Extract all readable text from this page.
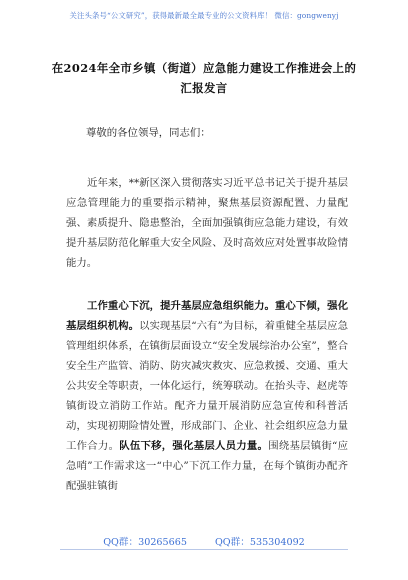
关注头条号“公文研究”，获得最新最全最专业的公文资料库！ 微信：gongwenyj
在2024年全市乡镇（街道）应急能力建设工作推进会上的
汇报发言
尊敬的各位领导，同志们：

近年来，**新区深入贯彻落实习近平总书记关于提升基层应急管理能力的重要指示精神，聚焦基层资源配置、力量配强、素质提升、隐患整治，全面加强镇街应急能力建设，有效提升基层防范化解重大安全风险、及时高效应对处置事故险情能力。

工作重心下沉，提升基层应急组织能力。重心下倾，强化基层组织机构。以实现基层“六有”为目标，着重健全基层应急管理组织体系，在镇街层面设立“安全发展综治办公室”，整合安全生产监管、消防、防灾减灾救灾、应急救援、交通、重大公共安全等职责，一体化运行，统筹联动。在抬头寺、赵虎等镇街设立消防工作站。配齐力量开展消防应急宣传和科普活动，实现初期险情处置，形成部门、企业、社会组织应急力量工作合力。队伍下移，强化基层人员力量。围绕基层镇街“应急哨”工作需求这一“中心”下沉工作力量，在每个镇街办配齐配强驻镇街

QQ群：30265665	QQ群：535304092
